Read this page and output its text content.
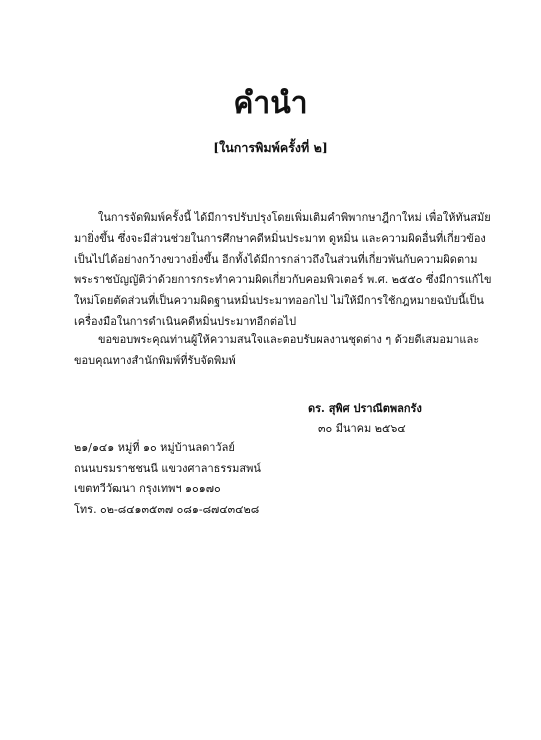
คำนำ
[ในการพิมพ์ครั้งที่ ๒]
ในการจัดพิมพ์ครั้งนี้ ได้มีการปรับปรุงโดยเพิ่มเติมคำพิพากษาฎีกาใหม่ เพื่อให้ทันสมัย
มายิ่งขึ้น ซึ่งจะมีส่วนช่วยในการศึกษาคดีหมิ่นประมาท ดูหมิ่น และความผิดอื่นที่เกี่ยวข้อง
เป็นไปได้อย่างกว้างขวางยิ่งขึ้น อีกทั้งได้มีการกล่าวถึงในส่วนที่เกี่ยวพันกับความผิดตาม
พระราชบัญญัติว่าด้วยการกระทำความผิดเกี่ยวกับคอมพิวเตอร์ พ.ศ. ๒๕๕๐ ซึ่งมีการแก้ไข
ใหม่โดยตัดส่วนที่เป็นความผิดฐานหมิ่นประมาทออกไป ไม่ให้มีการใช้กฎหมายฉบับนี้เป็น
เครื่องมือในการดำเนินคดีหมิ่นประมาทอีกต่อไป
ขอขอบพระคุณท่านผู้ให้ความสนใจและตอบรับผลงานชุดต่าง ๆ ด้วยดีเสมอมาและ
ขอบคุณทางสำนักพิมพ์ที่รับจัดพิมพ์
ดร. สุพิศ ปราณีตพลกรัง
๓๐ มีนาคม ๒๕๖๔
๒๑/๑๔๑ หมู่ที่ ๑๐ หมู่บ้านลดาวัลย์
ถนนบรมราชชนนี แขวงศาลาธรรมสพน์
เขตทวีวัฒนา กรุงเทพฯ ๑๐๑๗๐
โทร. ๐๒-๘๔๑๓๕๓๗ ๐๘๑-๘๗๔๓๔๒๘
